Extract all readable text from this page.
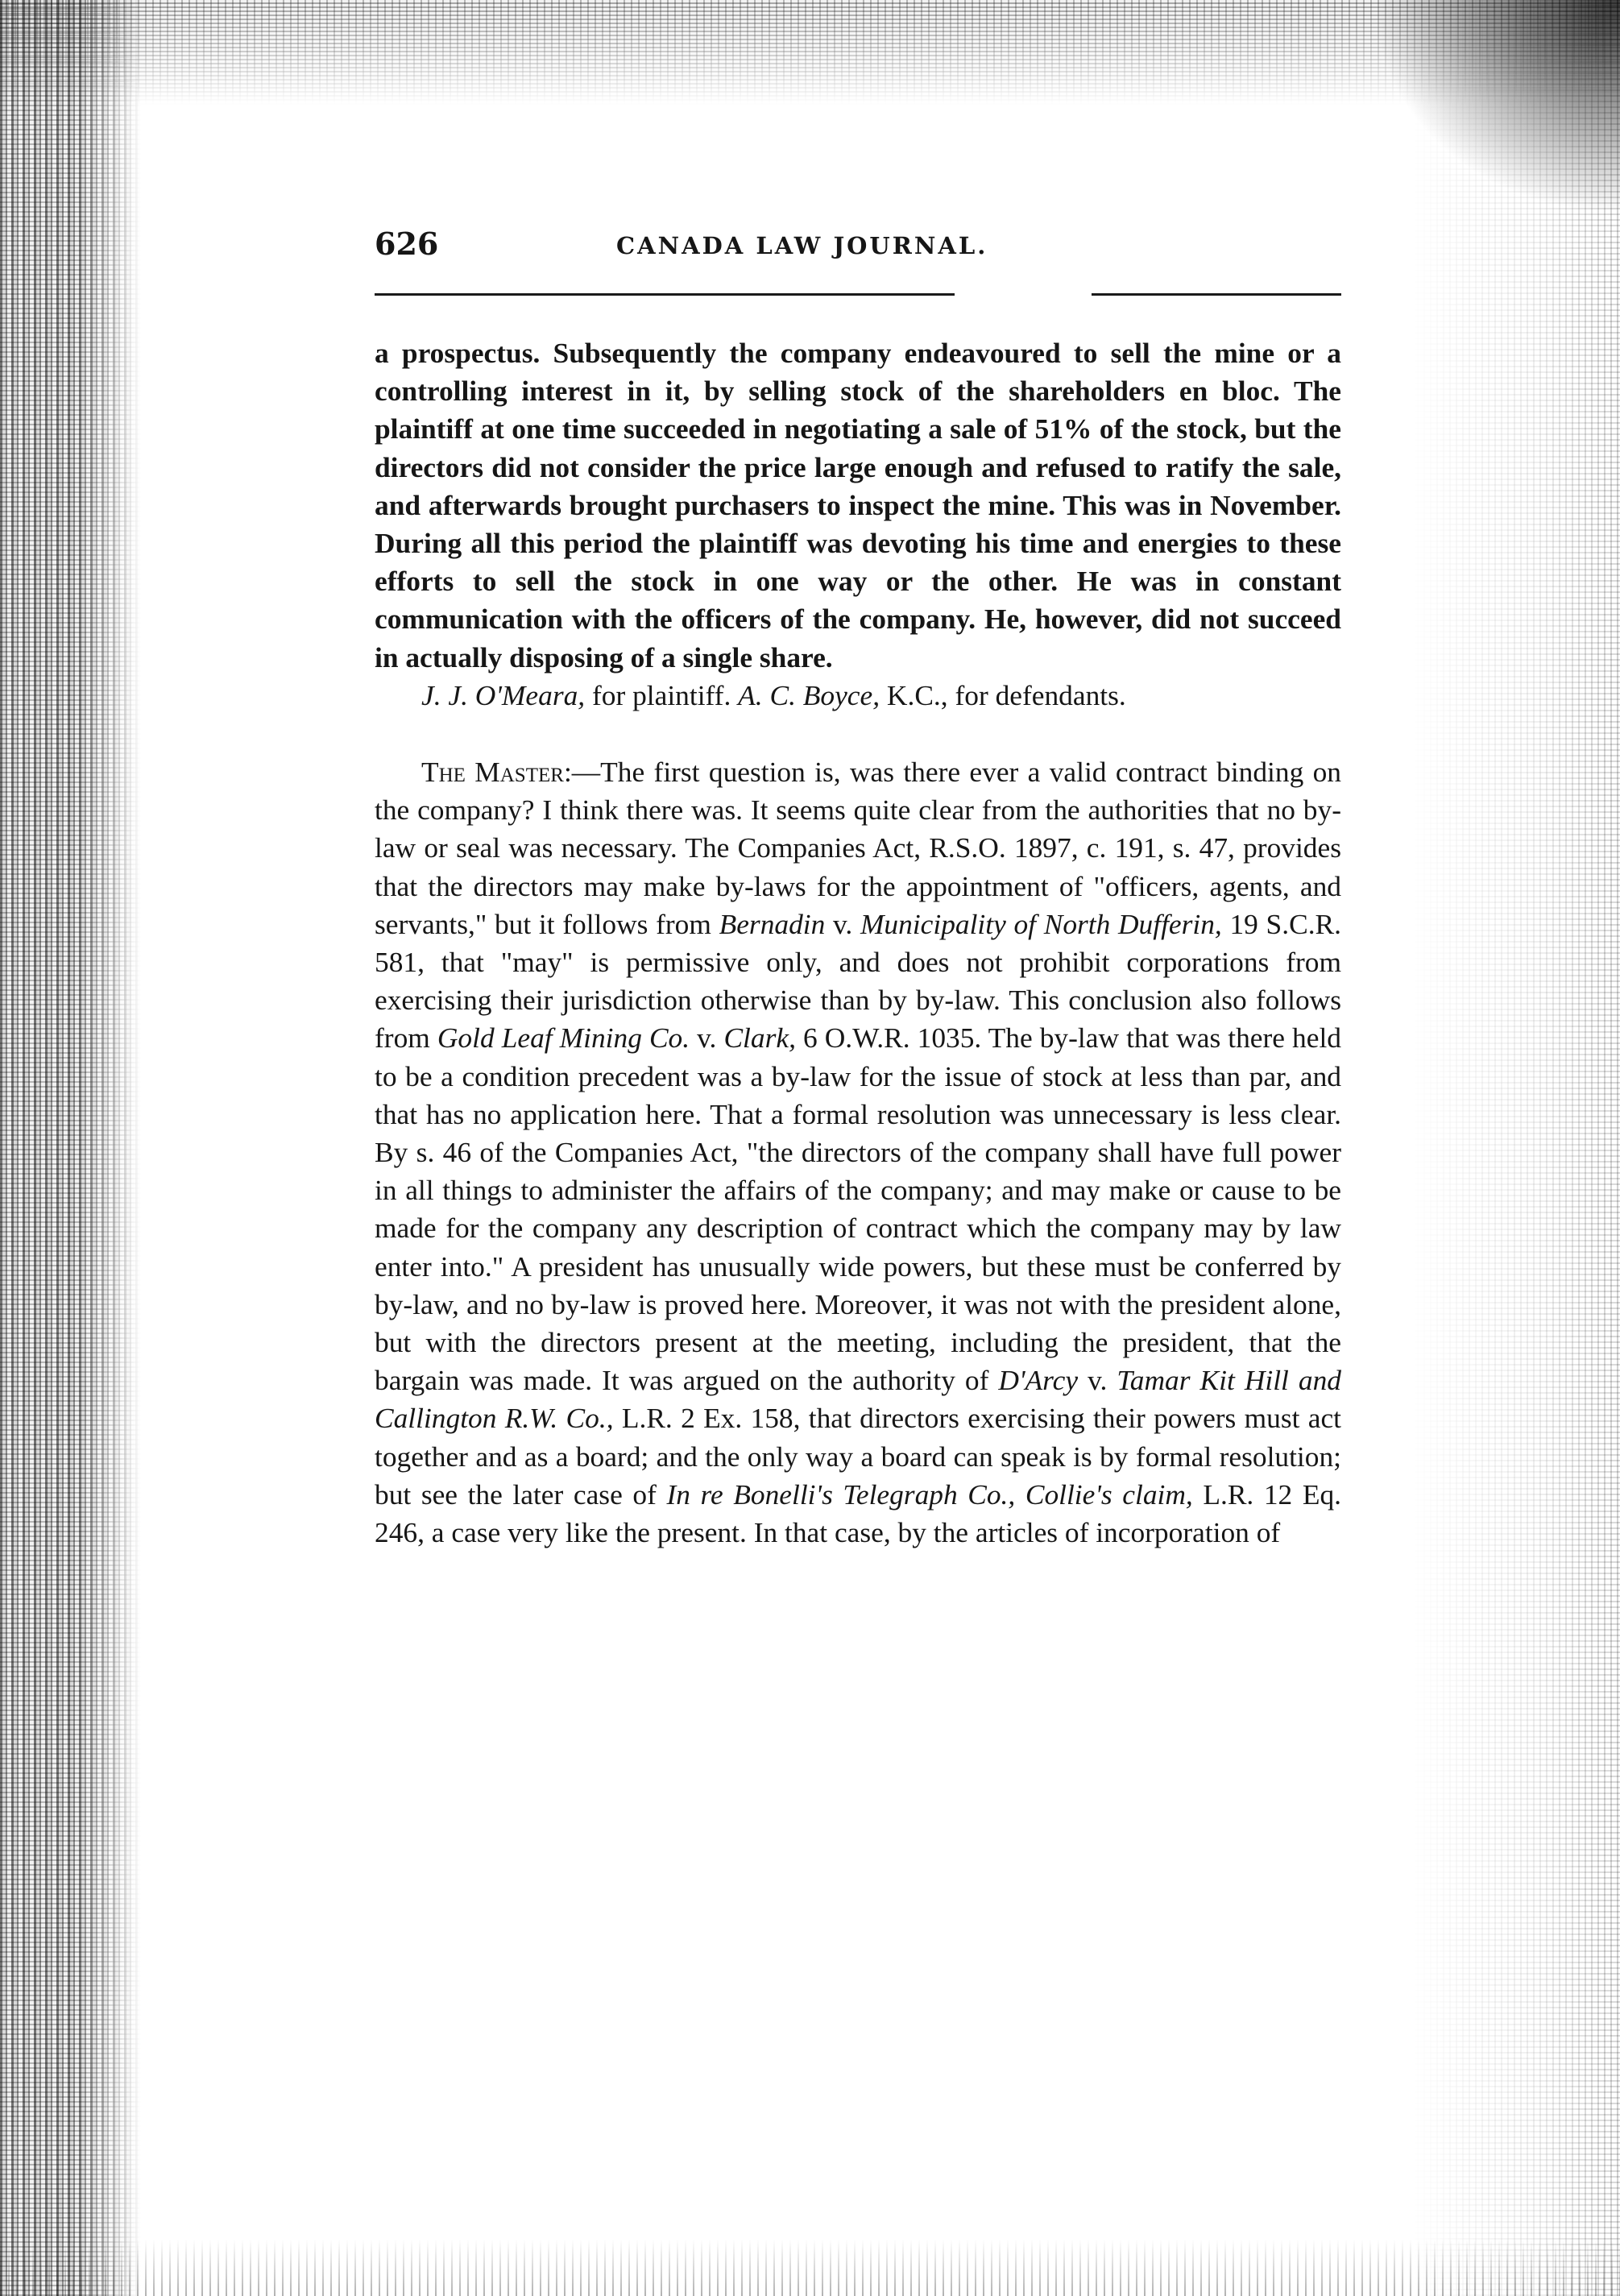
626	CANADA LAW JOURNAL.

a prospectus. Subsequently the company endeavoured to sell the mine or a controlling interest in it, by selling stock of the shareholders en bloc. The plaintiff at one time succeeded in negotiating a sale of 51% of the stock, but the directors did not consider the price large enough and refused to ratify the sale, and afterwards brought purchasers to inspect the mine. This was in November. During all this period the plaintiff was devoting his time and energies to these efforts to sell the stock in one way or the other. He was in constant communication with the officers of the company. He, however, did not succeed in actually disposing of a single share.

J. J. O'Meara, for plaintiff. A. C. Boyce, K.C., for defendants.

The Master:—The first question is, was there ever a valid contract binding on the company? I think there was. It seems quite clear from the authorities that no by-law or seal was necessary. The Companies Act, R.S.O. 1897, c. 191, s. 47, provides that the directors may make by-laws for the appointment of "officers, agents, and servants," but it follows from Bernadin v. Municipality of North Dufferin, 19 S.C.R. 581, that "may" is permissive only, and does not prohibit corporations from exercising their jurisdiction otherwise than by by-law. This conclusion also follows from Gold Leaf Mining Co. v. Clark, 6 O.W.R. 1035. The by-law that was there held to be a condition precedent was a by-law for the issue of stock at less than par, and that has no application here. That a formal resolution was unnecessary is less clear. By s. 46 of the Companies Act, "the directors of the company shall have full power in all things to administer the affairs of the company; and may make or cause to be made for the company any description of contract which the company may by law enter into." A president has unusually wide powers, but these must be conferred by by-law, and no by-law is proved here. Moreover, it was not with the president alone, but with the directors present at the meeting, including the president, that the bargain was made. It was argued on the authority of D'Arcy v. Tamar Kit Hill and Callington R.W. Co., L.R. 2 Ex. 158, that directors exercising their powers must act together and as a board; and the only way a board can speak is by formal resolution; but see the later case of In re Bonelli's Telegraph Co., Collie's claim, L.R. 12 Eq. 246, a case very like the present. In that case, by the articles of incorporation of
